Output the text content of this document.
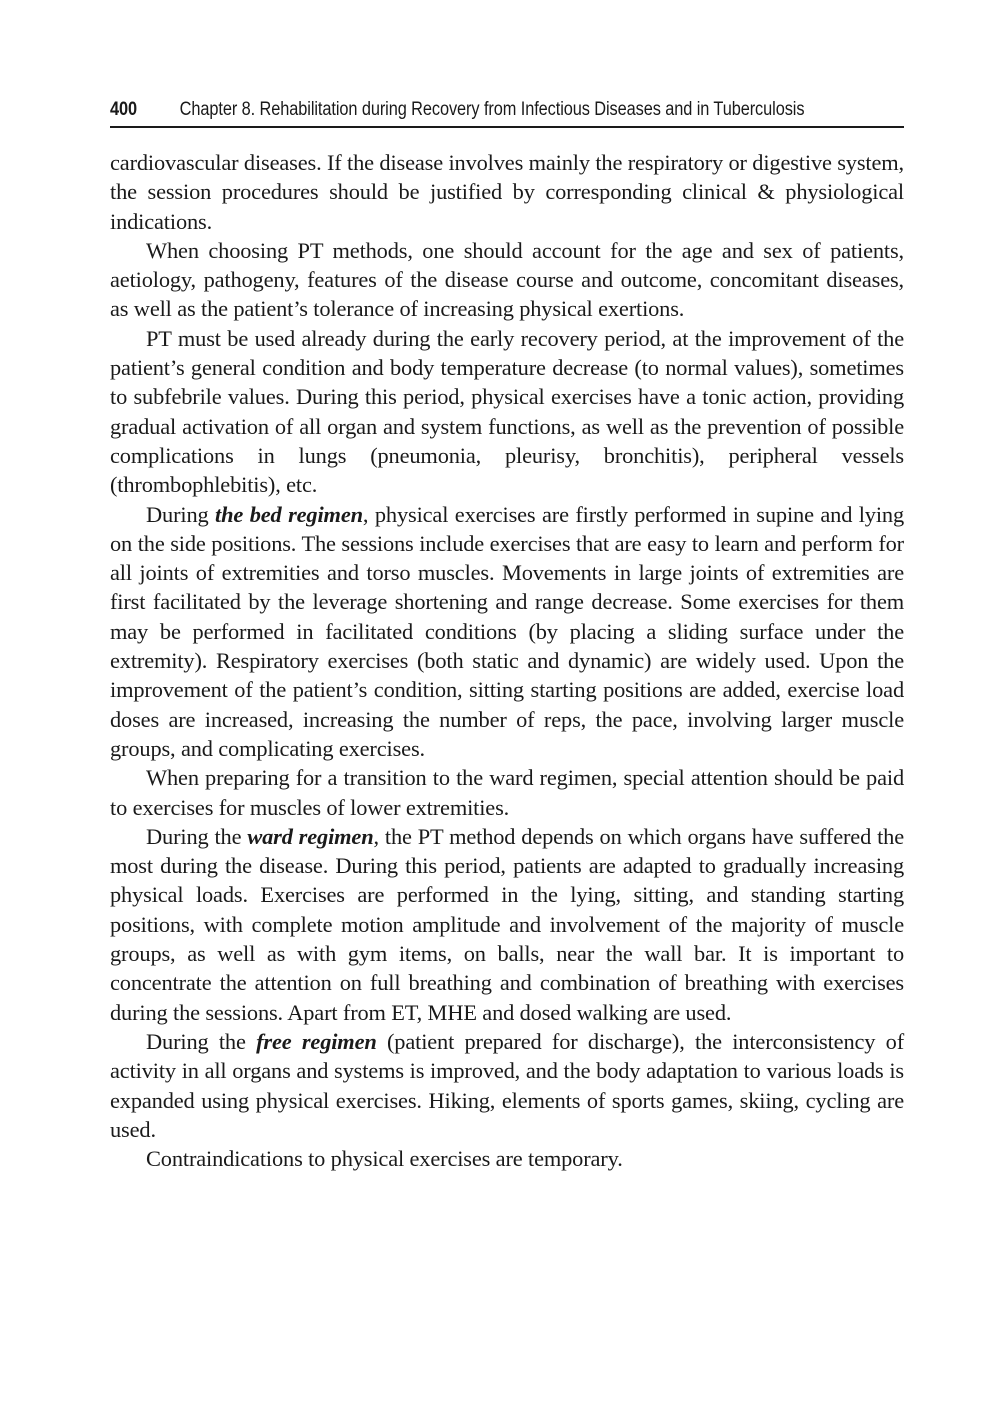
400	Chapter 8. Rehabilitation during Recovery from Infectious Diseases and in Tuberculosis

cardiovascular diseases. If the disease involves mainly the respiratory or digestive system, the session procedures should be justified by corresponding clinical & physiological indications.

When choosing PT methods, one should account for the age and sex of patients, aetiology, pathogeny, features of the disease course and outcome, concomitant diseases, as well as the patient’s tolerance of increasing physical exertions.

PT must be used already during the early recovery period, at the improvement of the patient’s general condition and body temperature decrease (to normal values), sometimes to subfebrile values. During this period, physical exercises have a tonic action, providing gradual activation of all organ and system functions, as well as the prevention of possible complications in lungs (pneumonia, pleurisy, bronchitis), peripheral vessels (thrombophlebitis), etc.

During the bed regimen, physical exercises are firstly performed in supine and lying on the side positions. The sessions include exercises that are easy to learn and perform for all joints of extremities and torso muscles. Movements in large joints of extremities are first facilitated by the leverage shortening and range decrease. Some exercises for them may be performed in facilitated conditions (by placing a sliding surface under the extremity). Respiratory exercises (both static and dynamic) are widely used. Upon the improvement of the patient’s condition, sitting starting positions are added, exercise load doses are increased, increasing the number of reps, the pace, involving larger muscle groups, and complicating exercises.

When preparing for a transition to the ward regimen, special attention should be paid to exercises for muscles of lower extremities.

During the ward regimen, the PT method depends on which organs have suffered the most during the disease. During this period, patients are adapted to gradually increasing physical loads. Exercises are performed in the lying, sitting, and standing starting positions, with complete motion amplitude and involvement of the majority of muscle groups, as well as with gym items, on balls, near the wall bar. It is important to concentrate the attention on full breathing and combination of breathing with exercises during the sessions. Apart from ET, MHE and dosed walking are used.

During the free regimen (patient prepared for discharge), the interconsistency of activity in all organs and systems is improved, and the body adaptation to various loads is expanded using physical exercises. Hiking, elements of sports games, skiing, cycling are used.

Contraindications to physical exercises are temporary.
